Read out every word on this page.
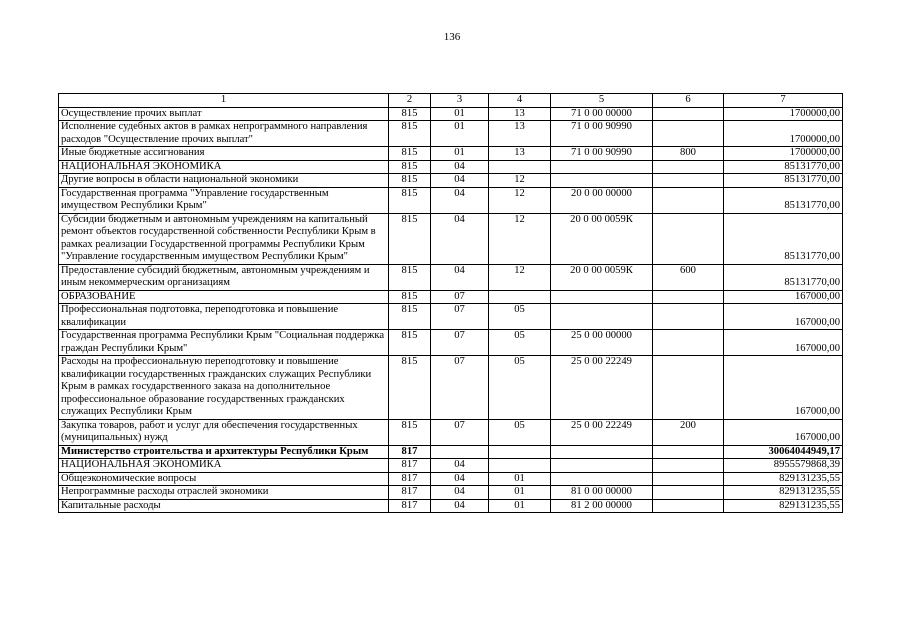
136
1	2	3	4	5	6	7
Осуществление прочих выплат	815	01	13	71 0 00 00000		1700000,00
Исполнение судебных актов в рамках непрограммного направления расходов "Осуществление прочих выплат"	815	01	13	71 0 00 90990		1700000,00
Иные бюджетные ассигнования	815	01	13	71 0 00 90990	800	1700000,00
НАЦИОНАЛЬНАЯ ЭКОНОМИКА	815	04				85131770,00
Другие вопросы в области национальной экономики	815	04	12			85131770,00
Государственная программа "Управление государственным имуществом Республики Крым"	815	04	12	20 0 00 00000		85131770,00
Субсидии бюджетным и автономным учреждениям на капитальный ремонт объектов государственной собственности Республики Крым в рамках реализации Государственной программы Республики Крым "Управление государственным имуществом Республики Крым"	815	04	12	20 0 00 0059К		85131770,00
Предоставление субсидий бюджетным, автономным учреждениям и иным некоммерческим организациям	815	04	12	20 0 00 0059К	600	85131770,00
ОБРАЗОВАНИЕ	815	07				167000,00
Профессиональная подготовка, переподготовка и повышение квалификации	815	07	05			167000,00
Государственная программа Республики Крым "Социальная поддержка граждан Республики Крым"	815	07	05	25 0 00 00000		167000,00
Расходы на профессиональную переподготовку и повышение квалификации государственных гражданских служащих Республики Крым в рамках государственного заказа на дополнительное профессиональное образование государственных гражданских служащих Республики Крым	815	07	05	25 0 00 22249		167000,00
Закупка товаров, работ и услуг для обеспечения государственных (муниципальных) нужд	815	07	05	25 0 00 22249	200	167000,00
Министерство строительства и архитектуры Республики Крым	817					30064044949,17
НАЦИОНАЛЬНАЯ ЭКОНОМИКА	817	04				8955579868,39
Общеэкономические вопросы	817	04	01			829131235,55
Непрограммные расходы отраслей экономики	817	04	01	81 0 00 00000		829131235,55
Капитальные расходы	817	04	01	81 2 00 00000		829131235,55
